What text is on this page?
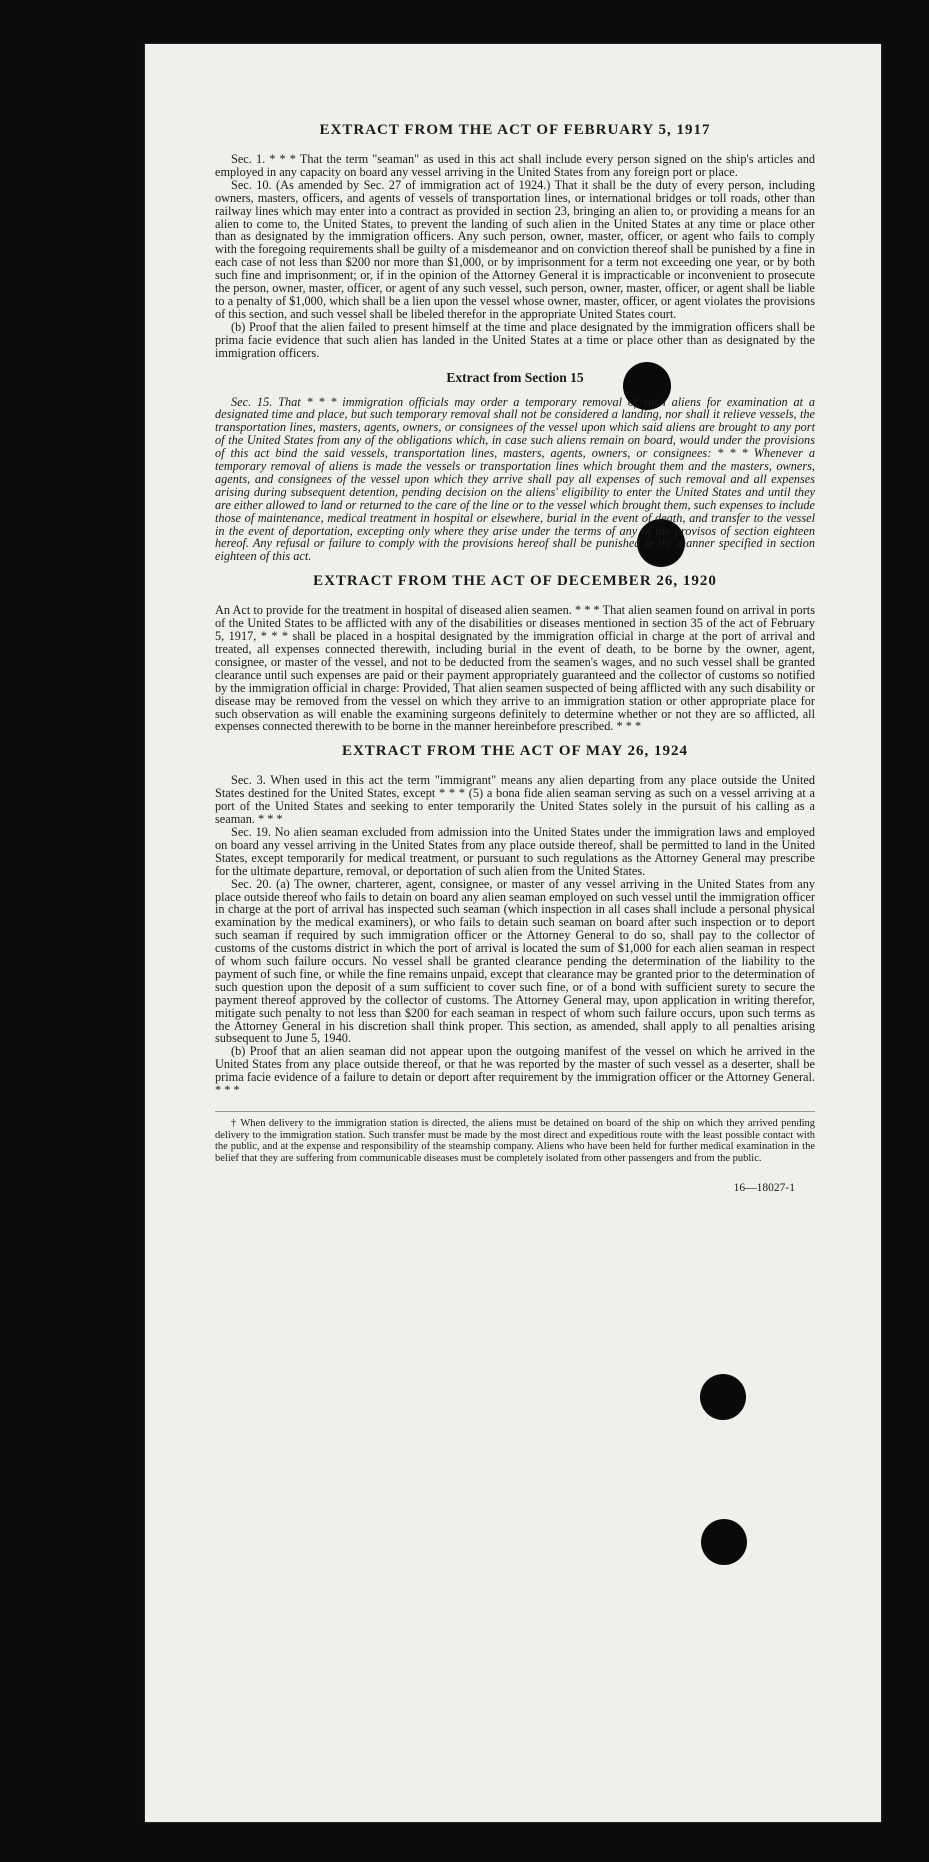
EXTRACT FROM THE ACT OF FEBRUARY 5, 1917

Sec. 1. * * * That the term "seaman" as used in this act shall include every person signed on the ship's articles and employed in any capacity on board any vessel arriving in the United States from any foreign port or place.

Sec. 10. (As amended by Sec. 27 of immigration act of 1924.) That it shall be the duty of every person, including owners, masters, officers, and agents of vessels of transportation lines, or international bridges or toll roads, other than railway lines which may enter into a contract as provided in section 23, bringing an alien to, or providing a means for an alien to come to, the United States, to prevent the landing of such alien in the United States at any time or place other than as designated by the immigration officers. Any such person, owner, master, officer, or agent who fails to comply with the foregoing requirements shall be guilty of a misdemeanor and on conviction thereof shall be punished by a fine in each case of not less than $200 nor more than $1,000, or by imprisonment for a term not exceeding one year, or by both such fine and imprisonment; or, if in the opinion of the Attorney General it is impracticable or inconvenient to prosecute the person, owner, master, officer, or agent of any such vessel, such person, owner, master, officer, or agent shall be liable to a penalty of $1,000, which shall be a lien upon the vessel whose owner, master, officer, or agent violates the provisions of this section, and such vessel shall be libeled therefor in the appropriate United States court.

(b) Proof that the alien failed to present himself at the time and place designated by the immigration officers shall be prima facie evidence that such alien has landed in the United States at a time or place other than as designated by the immigration officers.

Extract from Section 15

Sec. 15. That * * * immigration officials may order a temporary removal of such aliens for examination at a designated time and place, but such temporary removal shall not be considered a landing, nor shall it relieve vessels, the transportation lines, masters, agents, owners, or consignees of the vessel upon which said aliens are brought to any port of the United States from any of the obligations which, in case such aliens remain on board, would under the provisions of this act bind the said vessels, transportation lines, masters, agents, owners, or consignees: * * * Whenever a temporary removal of aliens is made the vessels or transportation lines which brought them and the masters, owners, agents, and consignees of the vessel upon which they arrive shall pay all expenses of such removal and all expenses arising during subsequent detention, pending decision on the aliens' eligibility to enter the United States and until they are either allowed to land or returned to the care of the line or to the vessel which brought them, such expenses to include those of maintenance, medical treatment in hospital or elsewhere, burial in the event of death, and transfer to the vessel in the event of deportation, excepting only where they arise under the terms of any of the provisos of section eighteen hereof. Any refusal or failure to comply with the provisions hereof shall be punished in the manner specified in section eighteen of this act.

EXTRACT FROM THE ACT OF DECEMBER 26, 1920

An Act to provide for the treatment in hospital of diseased alien seamen. * * * That alien seamen found on arrival in ports of the United States to be afflicted with any of the disabilities or diseases mentioned in section 35 of the act of February 5, 1917, * * * shall be placed in a hospital designated by the immigration official in charge at the port of arrival and treated, all expenses connected therewith, including burial in the event of death, to be borne by the owner, agent, consignee, or master of the vessel, and not to be deducted from the seamen's wages, and no such vessel shall be granted clearance until such expenses are paid or their payment appropriately guaranteed and the collector of customs so notified by the immigration official in charge: Provided, That alien seamen suspected of being afflicted with any such disability or disease may be removed from the vessel on which they arrive to an immigration station or other appropriate place for such observation as will enable the examining surgeons definitely to determine whether or not they are so afflicted, all expenses connected therewith to be borne in the manner hereinbefore prescribed. * * *

EXTRACT FROM THE ACT OF MAY 26, 1924

Sec. 3. When used in this act the term "immigrant" means any alien departing from any place outside the United States destined for the United States, except * * * (5) a bona fide alien seaman serving as such on a vessel arriving at a port of the United States and seeking to enter temporarily the United States solely in the pursuit of his calling as a seaman. * * *

Sec. 19. No alien seaman excluded from admission into the United States under the immigration laws and employed on board any vessel arriving in the United States from any place outside thereof, shall be permitted to land in the United States, except temporarily for medical treatment, or pursuant to such regulations as the Attorney General may prescribe for the ultimate departure, removal, or deportation of such alien from the United States.

Sec. 20. (a) The owner, charterer, agent, consignee, or master of any vessel arriving in the United States from any place outside thereof who fails to detain on board any alien seaman employed on such vessel until the immigration officer in charge at the port of arrival has inspected such seaman (which inspection in all cases shall include a personal physical examination by the medical examiners), or who fails to detain such seaman on board after such inspection or to deport such seaman if required by such immigration officer or the Attorney General to do so, shall pay to the collector of customs of the customs district in which the port of arrival is located the sum of $1,000 for each alien seaman in respect of whom such failure occurs. No vessel shall be granted clearance pending the determination of the liability to the payment of such fine, or while the fine remains unpaid, except that clearance may be granted prior to the determination of such question upon the deposit of a sum sufficient to cover such fine, or of a bond with sufficient surety to secure the payment thereof approved by the collector of customs. The Attorney General may, upon application in writing therefor, mitigate such penalty to not less than $200 for each seaman in respect of whom such failure occurs, upon such terms as the Attorney General in his discretion shall think proper. This section, as amended, shall apply to all penalties arising subsequent to June 5, 1940.

(b) Proof that an alien seaman did not appear upon the outgoing manifest of the vessel on which he arrived in the United States from any place outside thereof, or that he was reported by the master of such vessel as a deserter, shall be prima facie evidence of a failure to detain or deport after requirement by the immigration officer or the Attorney General. * * *

† When delivery to the immigration station is directed, the aliens must be detained on board of the ship on which they arrived pending delivery to the immigration station. Such transfer must be made by the most direct and expeditious route with the least possible contact with the public, and at the expense and responsibility of the steamship company. Aliens who have been held for further medical examination in the belief that they are suffering from communicable diseases must be completely isolated from other passengers and from the public.

16—18027-1
